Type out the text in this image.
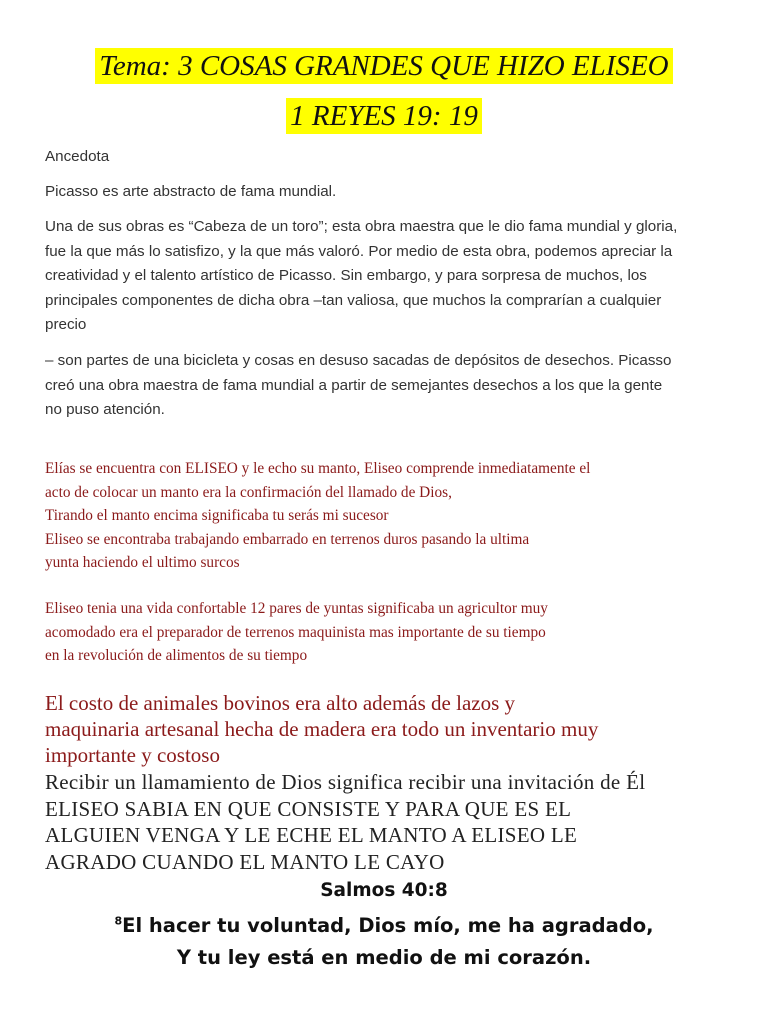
Tema: 3 COSAS GRANDES QUE HIZO ELISEO
1 REYES 19: 19

Ancedota

Picasso es arte abstracto de fama mundial.

Una de sus obras es “Cabeza de un toro”; esta obra maestra que le dio fama mundial y gloria,
fue la que más lo satisfizo, y la que más valoró. Por medio de esta obra, podemos apreciar la
creatividad y el talento artístico de Picasso. Sin embargo, y para sorpresa de muchos, los
principales componentes de dicha obra –tan valiosa, que muchos la comprarían a cualquier
precio

– son partes de una bicicleta y cosas en desuso sacadas de depósitos de desechos. Picasso
creó una obra maestra de fama mundial a partir de semejantes desechos a los que la gente
no puso atención.

Elías se encuentra con ELISEO y le echo su manto, Eliseo comprende inmediatamente el
acto de colocar un manto era la confirmación del llamado de Dios,
Tirando el manto encima significaba tu serás mi sucesor
Eliseo se encontraba trabajando embarrado en terrenos duros pasando la ultima
yunta haciendo el ultimo surcos

Eliseo tenia una vida confortable 12 pares de yuntas significaba un agricultor muy
acomodado era el preparador de terrenos maquinista mas importante de su tiempo
en la revolución de alimentos de su tiempo

El costo de animales bovinos era alto además de lazos y
maquinaria artesanal hecha de madera era todo un inventario muy
importante y costoso

Recibir un llamamiento de Dios significa recibir una invitación de Él
ELISEO SABIA EN QUE CONSISTE Y PARA QUE ES EL
ALGUIEN VENGA Y LE ECHE EL MANTO A ELISEO LE
AGRADO CUANDO EL MANTO LE CAYO

Salmos 40:8

$^8$El hacer tu voluntad, Dios mío, me ha agradado,

Y tu ley está en medio de mi corazón.
